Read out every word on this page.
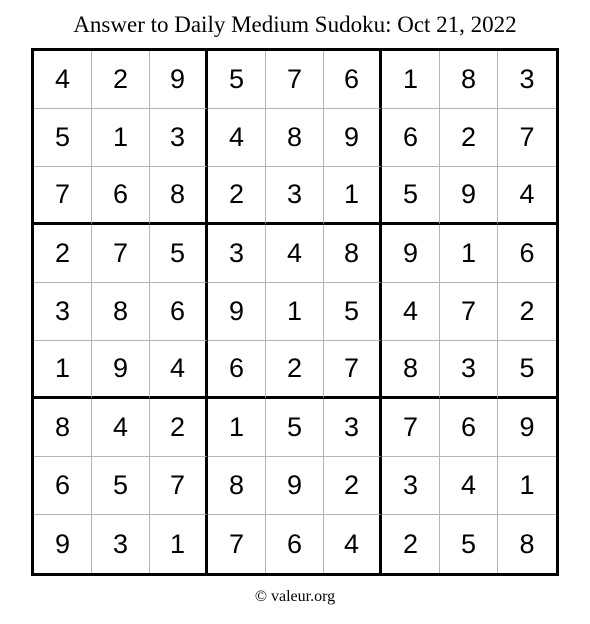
Answer to Daily Medium Sudoku: Oct 21, 2022
4	2	9	5	7	6	1	8	3
5	1	3	4	8	9	6	2	7
7	6	8	2	3	1	5	9	4
2	7	5	3	4	8	9	1	6
3	8	6	9	1	5	4	7	2
1	9	4	6	2	7	8	3	5
8	4	2	1	5	3	7	6	9
6	5	7	8	9	2	3	4	1
9	3	1	7	6	4	2	5	8
© valeur.org
